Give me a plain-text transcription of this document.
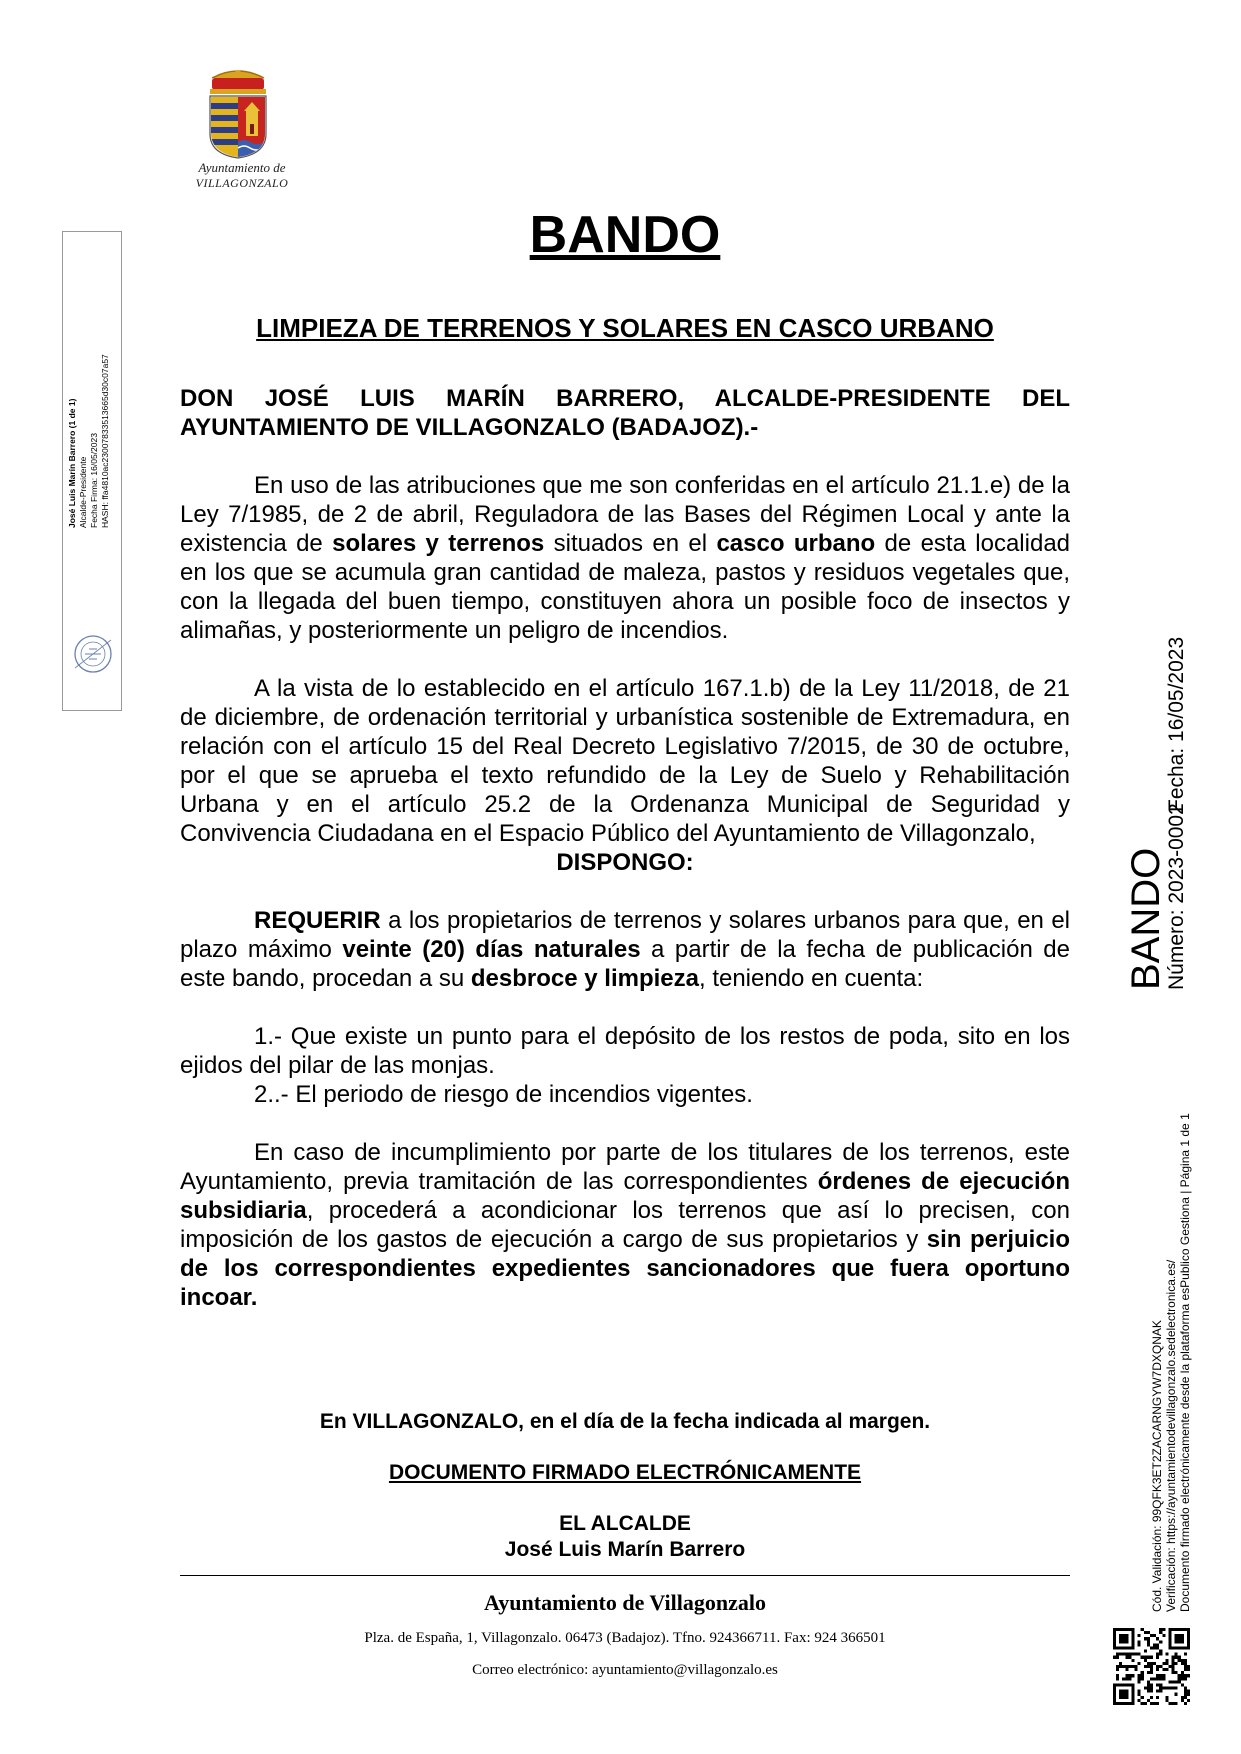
Ayuntamiento de
VILLAGONZALO
José Luis Marín Barrero (1 de 1) Alcalde-Presidente Fecha Firma: 16/05/2023 HASH: ffa4810ac23007833513665d30c07a57
BANDO
LIMPIEZA DE TERRENOS Y SOLARES EN CASCO URBANO

DON JOSÉ LUIS MARÍN BARRERO, ALCALDE-PRESIDENTE DEL AYUNTAMIENTO DE VILLAGONZALO (BADAJOZ).-

En uso de las atribuciones que me son conferidas en el artículo 21.1.e) de la Ley 7/1985, de 2 de abril, Reguladora de las Bases del Régimen Local y ante la existencia de solares y terrenos situados en el casco urbano de esta localidad en los que se acumula gran cantidad de maleza, pastos y residuos vegetales que, con la llegada del buen tiempo, constituyen ahora un posible foco de insectos y alimañas, y posteriormente un peligro de incendios.

A la vista de lo establecido en el artículo 167.1.b) de la Ley 11/2018, de 21 de diciembre, de ordenación territorial y urbanística sostenible de Extremadura, en relación con el artículo 15 del Real Decreto Legislativo 7/2015, de 30 de octubre, por el que se aprueba el texto refundido de la Ley de Suelo y Rehabilitación Urbana y en el artículo 25.2 de la Ordenanza Municipal de Seguridad y Convivencia Ciudadana en el Espacio Público del Ayuntamiento de Villagonzalo,

DISPONGO:

REQUERIR a los propietarios de terrenos y solares urbanos para que, en el plazo máximo veinte (20) días naturales a partir de la fecha de publicación de este bando, procedan a su desbroce y limpieza, teniendo en cuenta:

1.- Que existe un punto para el depósito de los restos de poda, sito en los ejidos del pilar de las monjas.

2..- El periodo de riesgo de incendios vigentes.

En caso de incumplimiento por parte de los titulares de los terrenos, este Ayuntamiento, previa tramitación de las correspondientes órdenes de ejecución subsidiaria, procederá a acondicionar los terrenos que así lo precisen, con imposición de los gastos de ejecución a cargo de sus propietarios y sin perjuicio de los correspondientes expedientes sancionadores que fuera oportuno incoar.

En VILLAGONZALO, en el día de la fecha indicada al margen.
DOCUMENTO FIRMADO ELECTRÓNICAMENTE
EL ALCALDE
José Luis Marín Barrero
Ayuntamiento de Villagonzalo
Plza. de España, 1, Villagonzalo. 06473 (Badajoz). Tfno. 924366711. Fax: 924 366501
Correo electrónico: ayuntamiento@villagonzalo.es
BANDO
Número: 2023-0002
Fecha: 16/05/2023
Cód. Validación: 99QFK3ET2ZACARNGYW7DXQNAK Verificación: https://ayuntamientodevillagonzalo.sedelectronica.es/ Documento firmado electrónicamente desde la plataforma esPublico Gestiona | Página 1 de 1
